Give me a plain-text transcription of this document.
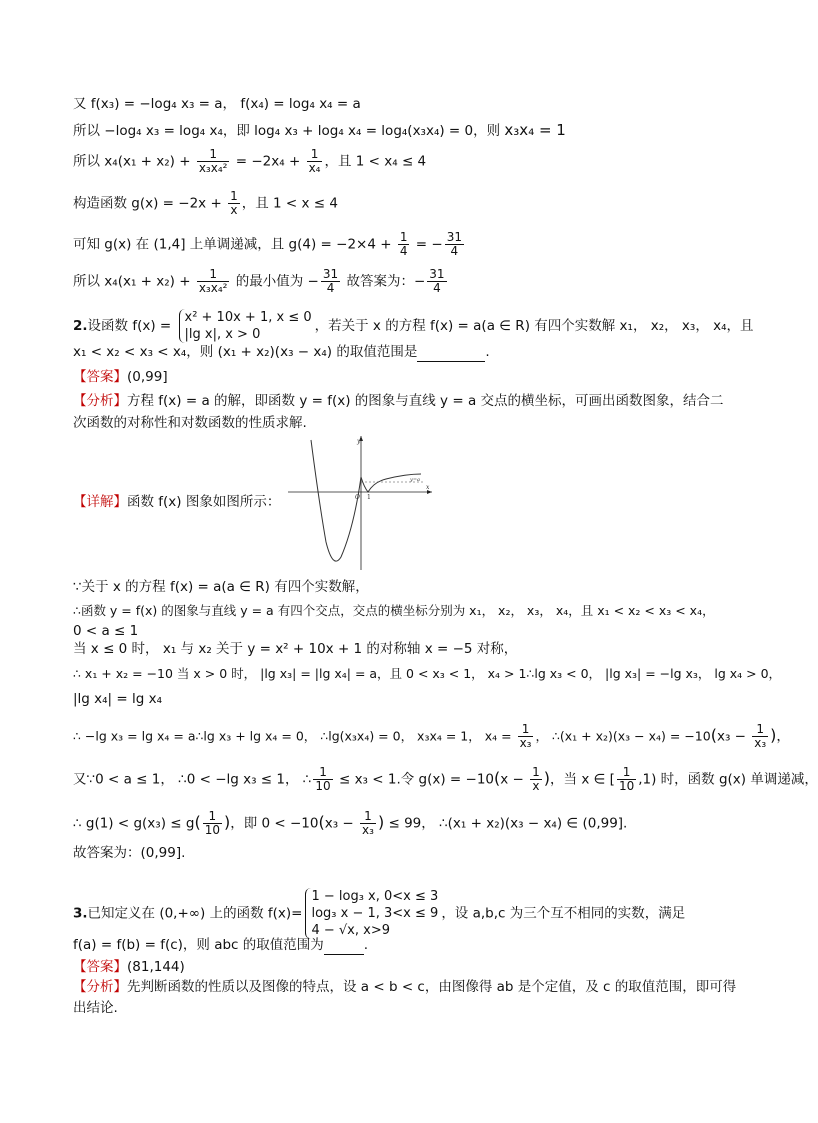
又 f(x₃) = −log₄ x₃ = a， f(x₄) = log₄ x₄ = a
所以 −log₄ x₃ = log₄ x₄，即 log₄ x₃ + log₄ x₄ = log₄(x₃x₄) = 0，则 x₃x₄ = 1
所以 $x_4(x_1 + x_2) + \frac{1}{\text{x₃x₄²}} = -2x_4 + \frac{1}{\text{x₄}}$ ，且 1 < x₄ ≤ 4
构造函数 $g(x) = -2x + \frac{1}{x}$ ，且 1 < x ≤ 4
可知 g(x) 在 (1,4] 上单调递减，且 $g(4) = -2\times 4 + \frac{1}{4}$ = − $\frac{31}{4}$
所以 $x_4(x_1 + x_2) + \frac{1}{\text{x₃x₄²}}$ 的最小值为 − $\frac{31}{4}$ 故答案为：− $\frac{31}{4}$
2.设函数 f(x) =
x² + 10x + 1, x ≤ 0
|lg x|, x > 0
，若关于 x 的方程 f(x) = a(a ∈ R) 有四个实数解 x₁， x₂， x₃， x₄，且
x₁ < x₂ < x₃ < x₄，则 (x₁ + x₂)(x₃ − x₄) 的取值范围是	.
【答案】(0,99]
【分析】方程 f(x) = a 的解，即函数 y = f(x) 的图象与直线 y = a 交点的横坐标，可画出函数图象，结合二
次函数的对称性和对数函数的性质求解.
【详解】函数 f(x) 图象如图所示：
y
x
O 1
y=a
∵关于 x 的方程 f(x) = a(a ∈ R) 有四个实数解，
∴函数 y = f(x) 的图象与直线 y = a 有四个交点，交点的横坐标分别为 x₁， x₂， x₃， x₄，且 x₁ < x₂ < x₃ < x₄，
0 < a ≤ 1
当 x ≤ 0 时， x₁ 与 x₂ 关于 y = x² + 10x + 1 的对称轴 x = −5 对称，
∴ x₁ + x₂ = −10 当 x > 0 时， |lg x₃| = |lg x₄| = a，且 0 < x₃ < 1， x₄ > 1∴lg x₃ < 0， |lg x₃| = −lg x₃， lg x₄ > 0，
|lg x₄| = lg x₄
∴ −lg x₃ = lg x₄ = a∴lg x₃ + lg x₄ = 0， ∴lg(x₃x₄) = 0， x₃x₄ = 1， $x_4 = \frac{1}{\text{x₃}}$ ， ∴(x₁ + $x_2)(x_3 - x_4) = -10(x_3 - \frac{1}{\text{x₃}}$ )，
又∵0 < a ≤ 1， ∴0 < −lg x₃ ≤ 1， ∴ $\frac{1}{10} \le x_3 < 1$.令 $g(x) = -10(x - \frac{1}{x}$ )，当 x ∈ [ $\frac{1}{10} ,1$) 时，函数 g(x) 单调递减，
∴ $g(1) < g(x_3) \le g( \frac{1}{10}$ )，即 $0 < -10(x_3 - \frac{1}{\text{x₃}}$ ) ≤ 99， ∴(x₁ + x₂)(x₃ − x₄) ∈ (0,99].
故答案为：(0,99].
3.已知定义在 (0,+∞) 上的函数 f(x)=
1 − log₃ x, 0<x ≤ 3
log₃ x − 1, 3<x ≤ 9
4 − √x, x>9
，设 a,b,c 为三个互不相同的实数，满足
f(a) = f(b) = f(c)，则 abc 的取值范围为	.
【答案】(81,144)
【分析】先判断函数的性质以及图像的特点，设 a < b < c，由图像得 ab 是个定值，及 c 的取值范围，即可得
出结论.
